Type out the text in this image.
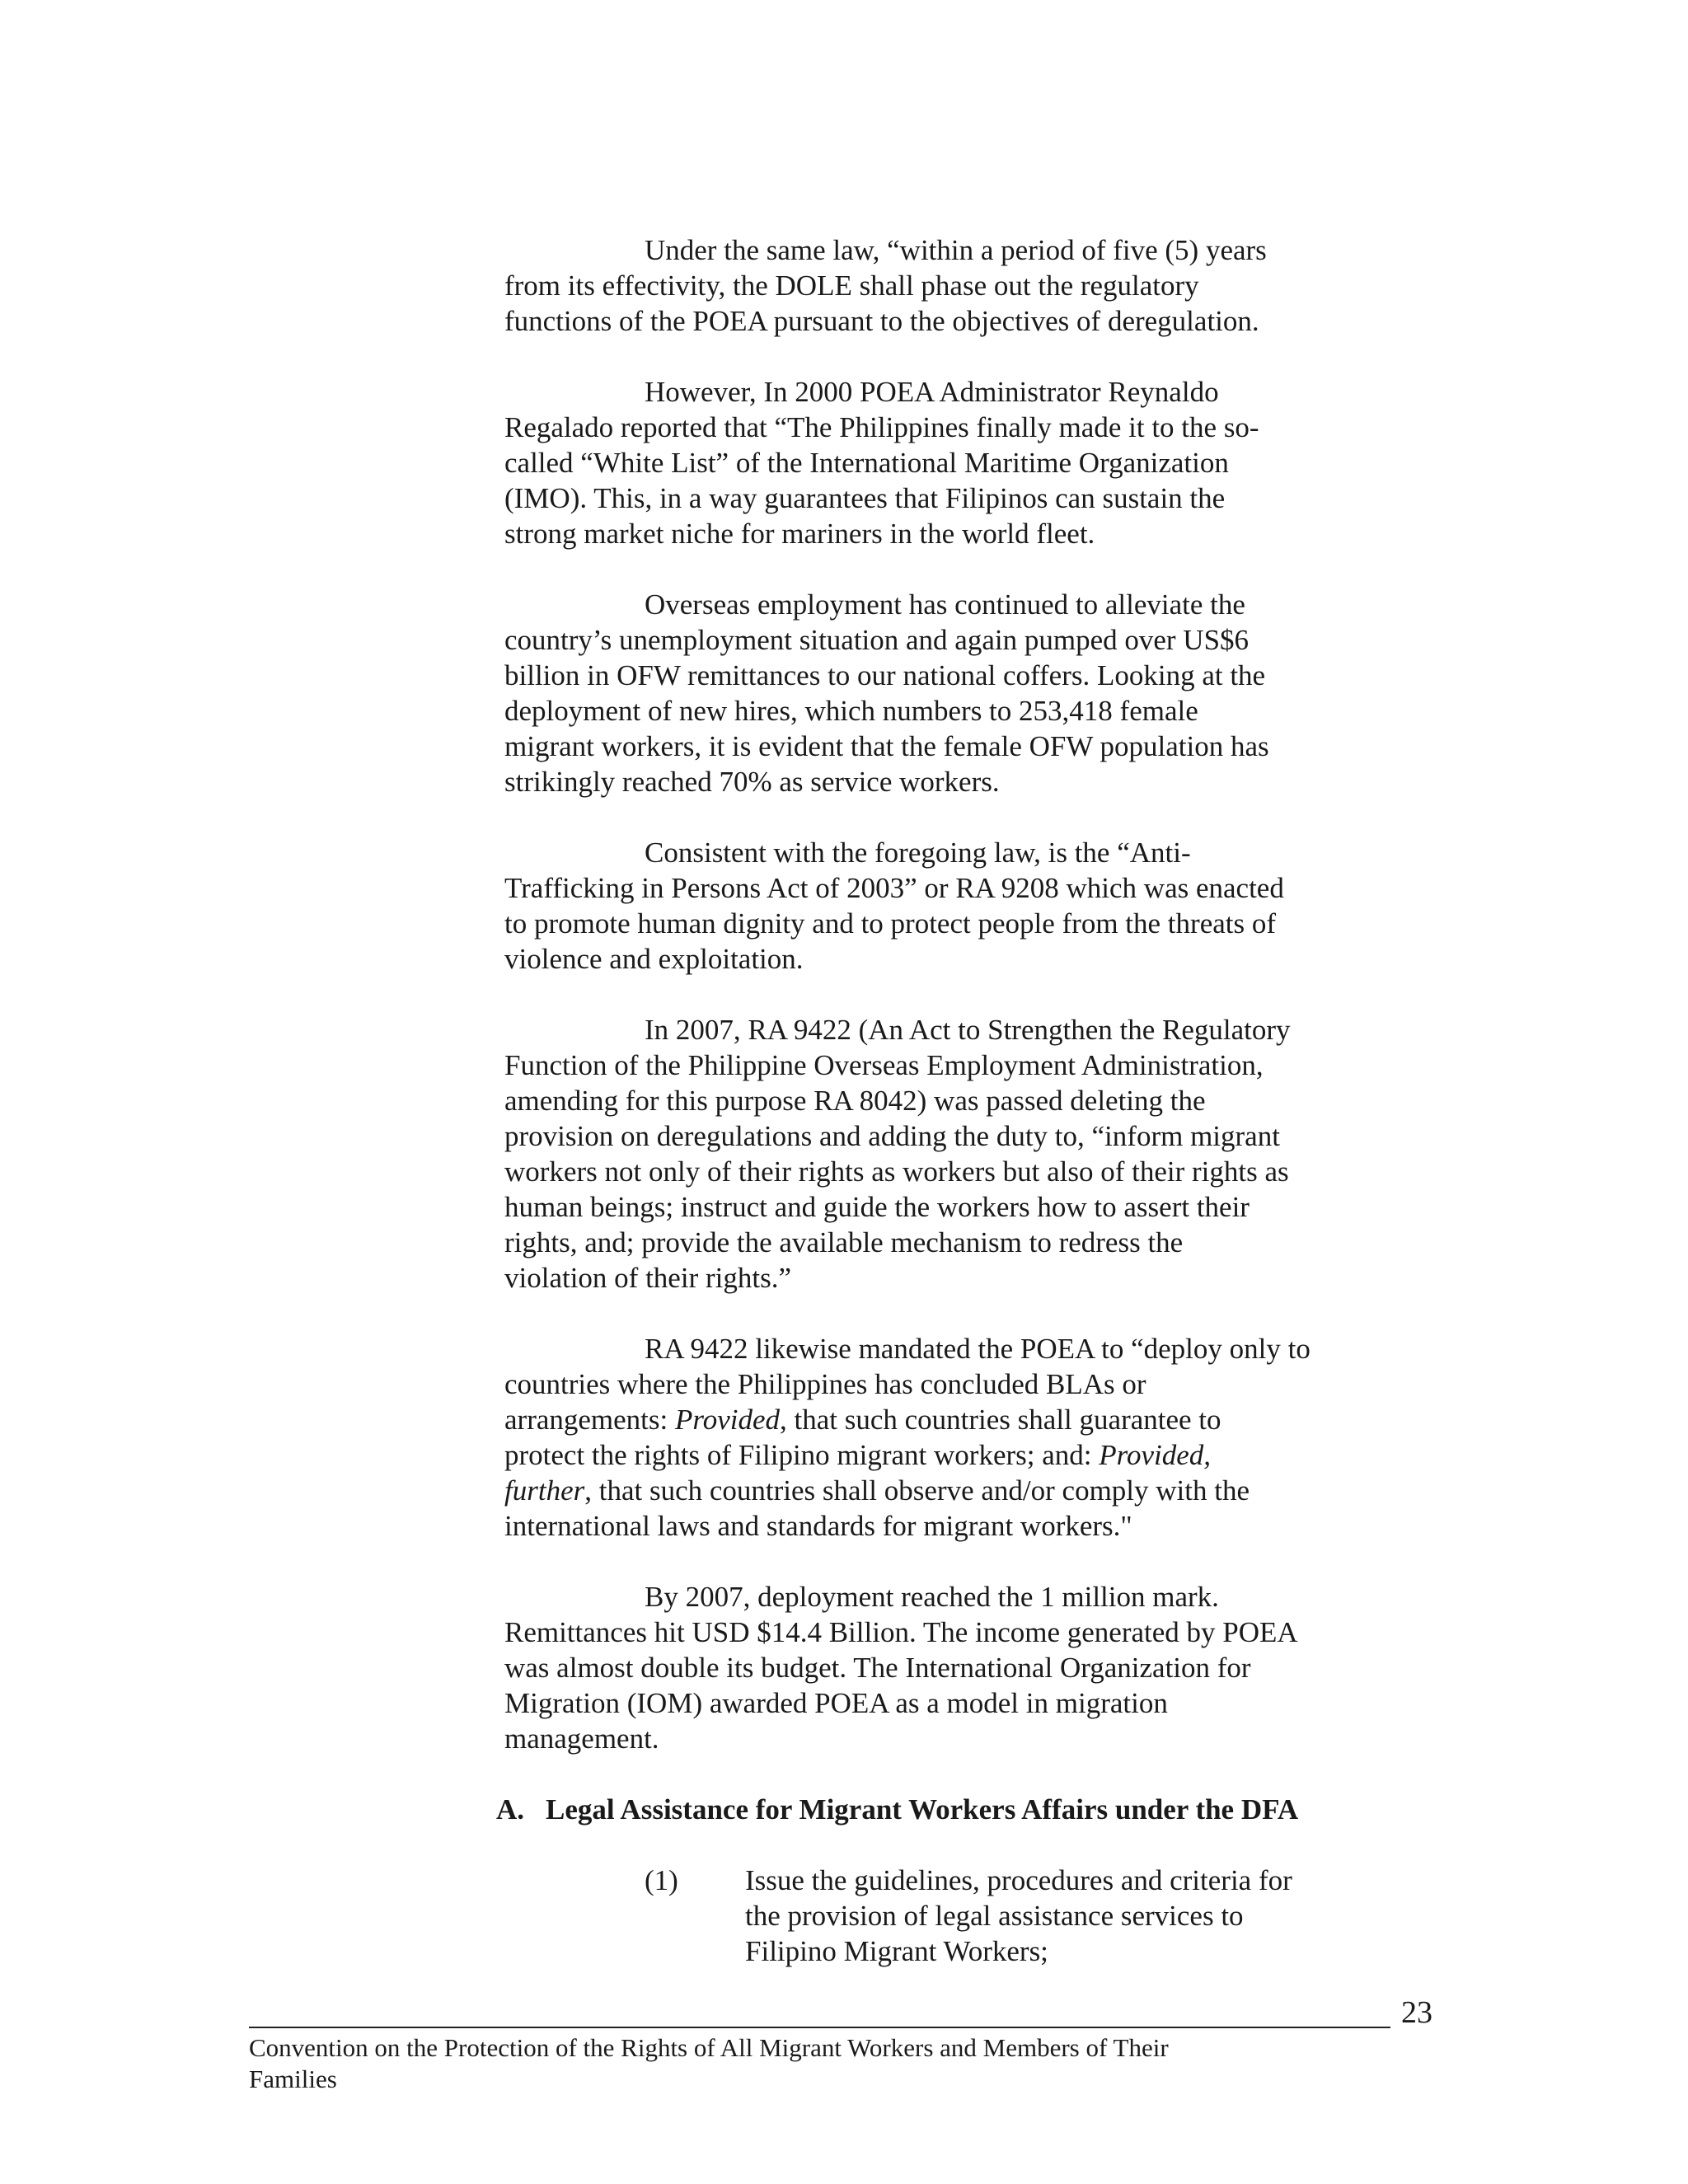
Under the same law, “within a period of five (5) years
from its effectivity, the DOLE shall phase out the regulatory
functions of the POEA pursuant to the objectives of deregulation.

However, In 2000 POEA Administrator Reynaldo
Regalado reported that “The Philippines finally made it to the so-
called “White List” of the International Maritime Organization
(IMO). This, in a way guarantees that Filipinos can sustain the
strong market niche for mariners in the world fleet.

Overseas employment has continued to alleviate the
country’s unemployment situation and again pumped over US$6
billion in OFW remittances to our national coffers. Looking at the
deployment of new hires, which numbers to 253,418 female
migrant workers, it is evident that the female OFW population has
strikingly reached 70% as service workers.

Consistent with the foregoing law, is the “Anti-
Trafficking in Persons Act of 2003” or RA 9208 which was enacted
to promote human dignity and to protect people from the threats of
violence and exploitation.

In 2007, RA 9422 (An Act to Strengthen the Regulatory
Function of the Philippine Overseas Employment Administration,
amending for this purpose RA 8042) was passed deleting the
provision on deregulations and adding the duty to, “inform migrant
workers not only of their rights as workers but also of their rights as
human beings; instruct and guide the workers how to assert their
rights, and; provide the available mechanism to redress the
violation of their rights.”

RA 9422 likewise mandated the POEA to “deploy only to
countries where the Philippines has concluded BLAs or
arrangements: Provided, that such countries shall guarantee to
protect the rights of Filipino migrant workers; and: Provided,
further, that such countries shall observe and/or comply with the
international laws and standards for migrant workers."

By 2007, deployment reached the 1 million mark.
Remittances hit USD $14.4 Billion. The income generated by POEA
was almost double its budget. The International Organization for
Migration (IOM) awarded POEA as a model in migration
management.

A. Legal Assistance for Migrant Workers Affairs under the DFA
(1) Issue the guidelines, procedures and criteria for
the provision of legal assistance services to
Filipino Migrant Workers;
23
Convention on the Protection of the Rights of All Migrant Workers and Members of Their
Families
